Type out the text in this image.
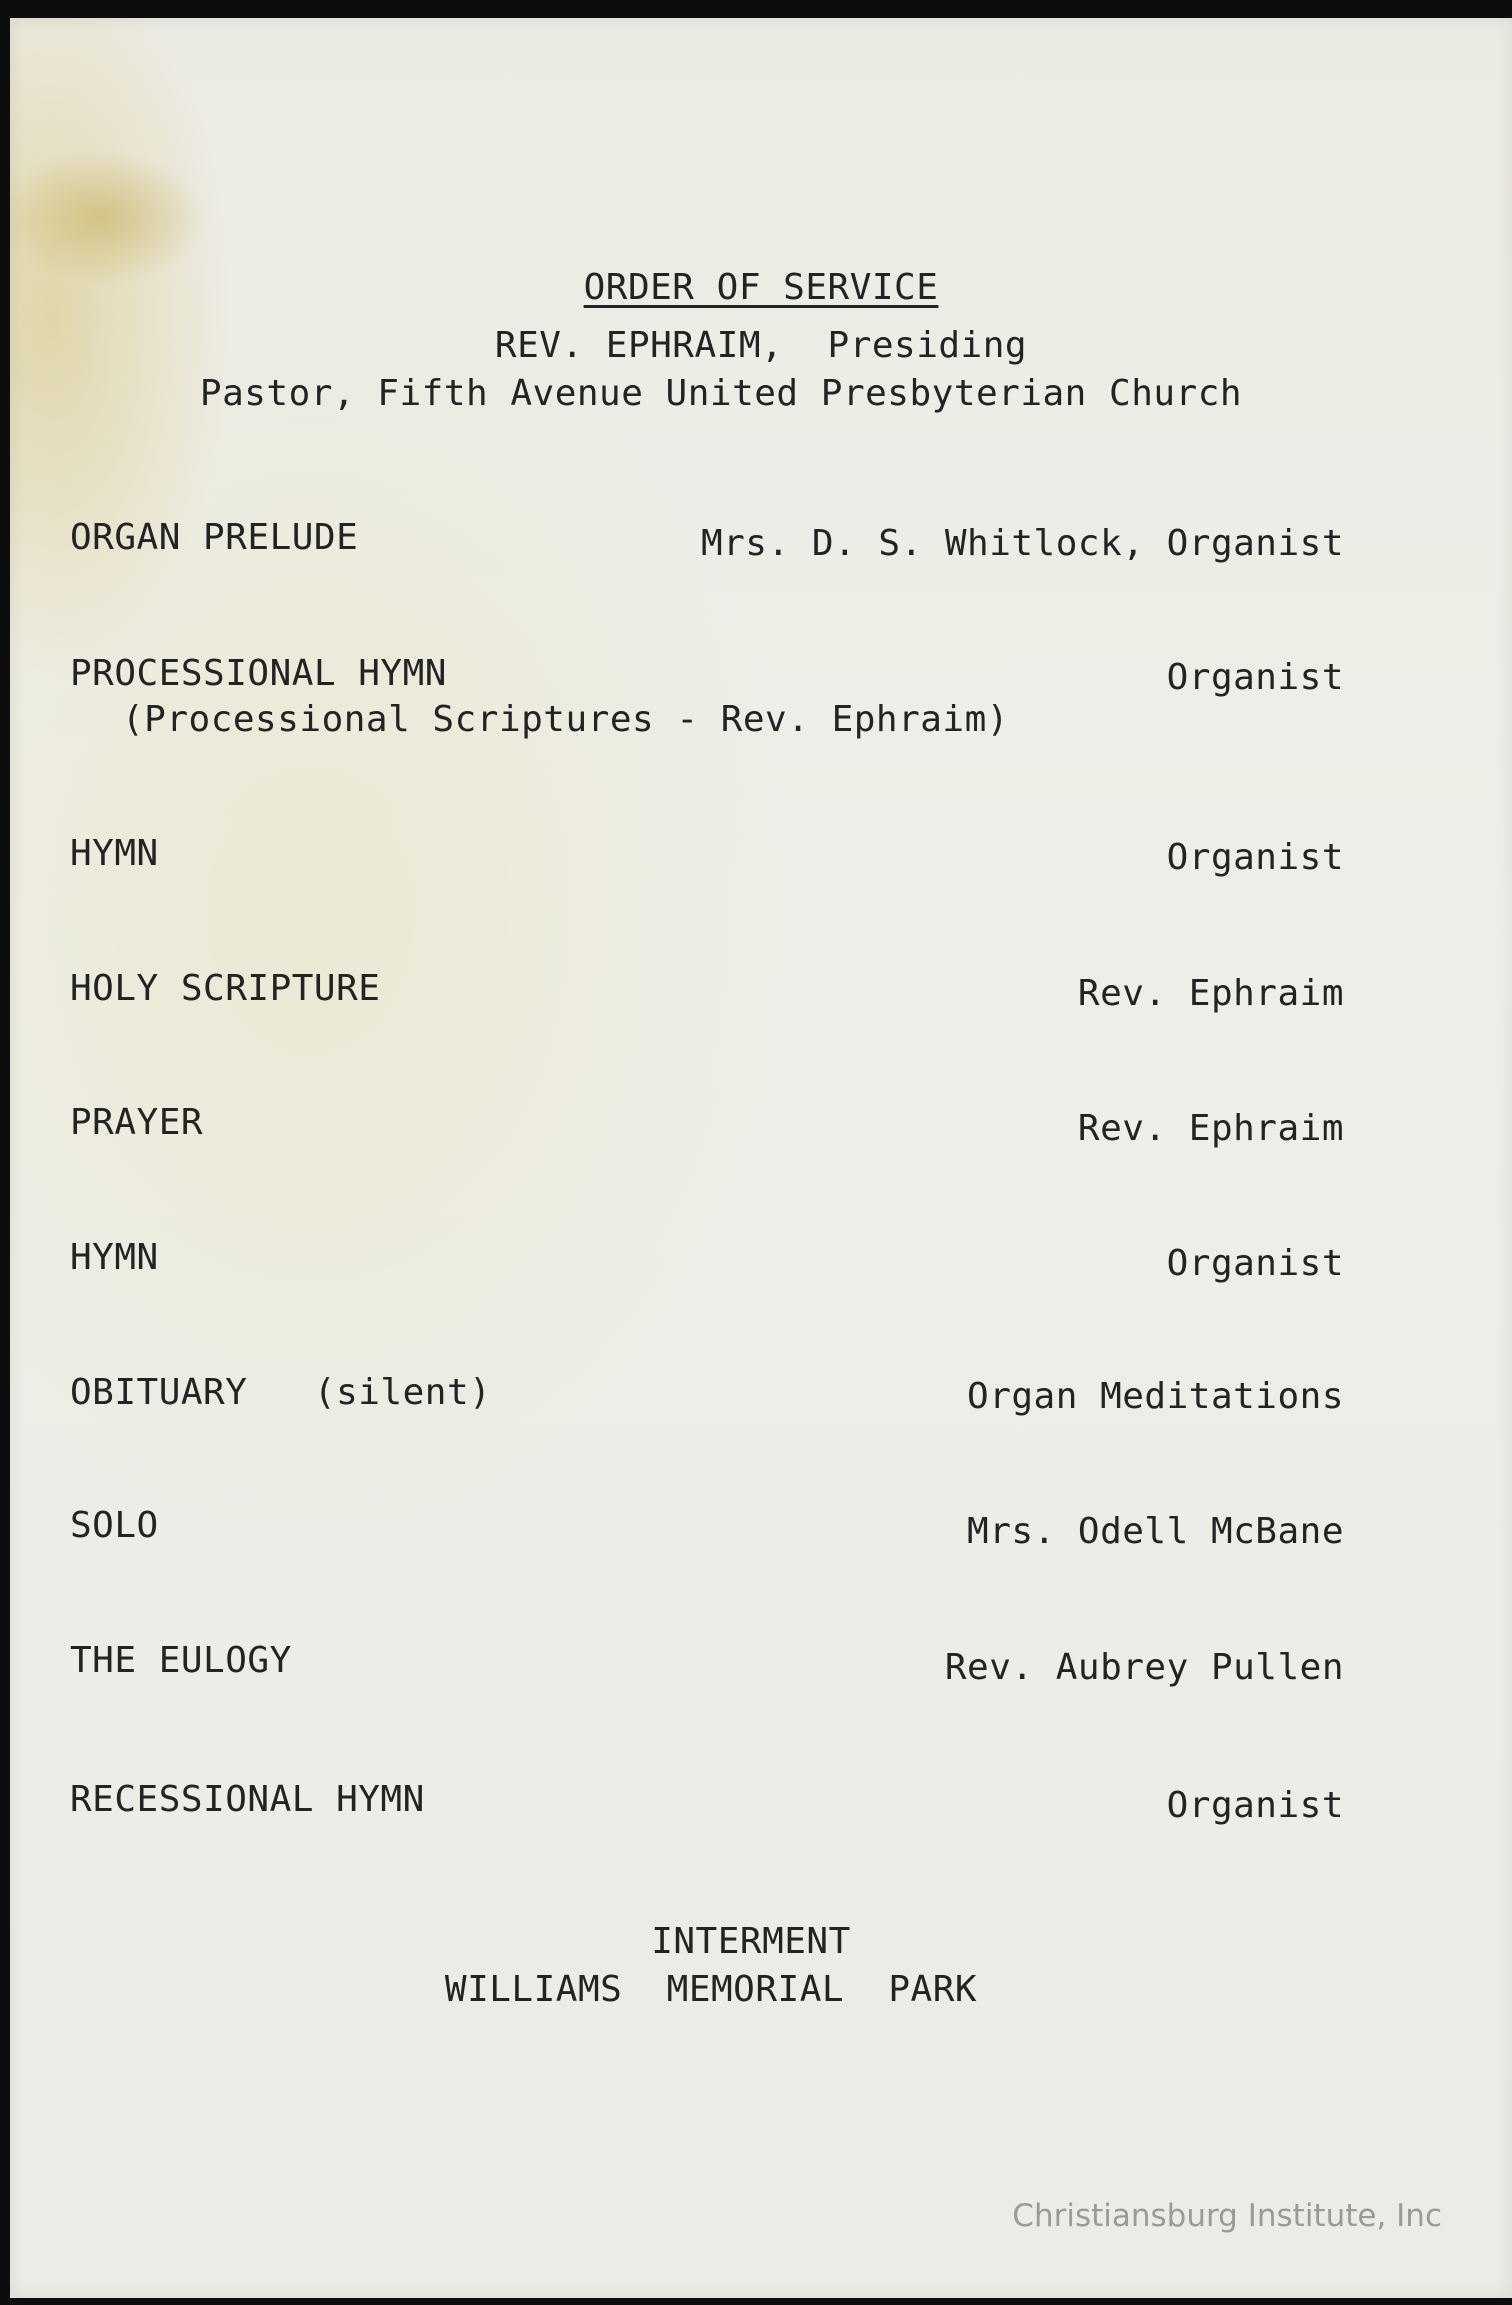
ORDER OF SERVICE
REV. EPHRAIM,  Presiding
Pastor, Fifth Avenue United Presbyterian Church
ORGAN PRELUDE	Mrs. D. S. Whitlock, Organist
PROCESSIONAL HYMN	Organist
(Processional Scriptures - Rev. Ephraim)
HYMN	Organist
HOLY SCRIPTURE	Rev. Ephraim
PRAYER	Rev. Ephraim
HYMN	Organist
OBITUARY   (silent)	Organ Meditations
SOLO	Mrs. Odell McBane
THE EULOGY	Rev. Aubrey Pullen
RECESSIONAL HYMN	Organist
INTERMENT
WILLIAMS  MEMORIAL  PARK
Christiansburg Institute, Inc
